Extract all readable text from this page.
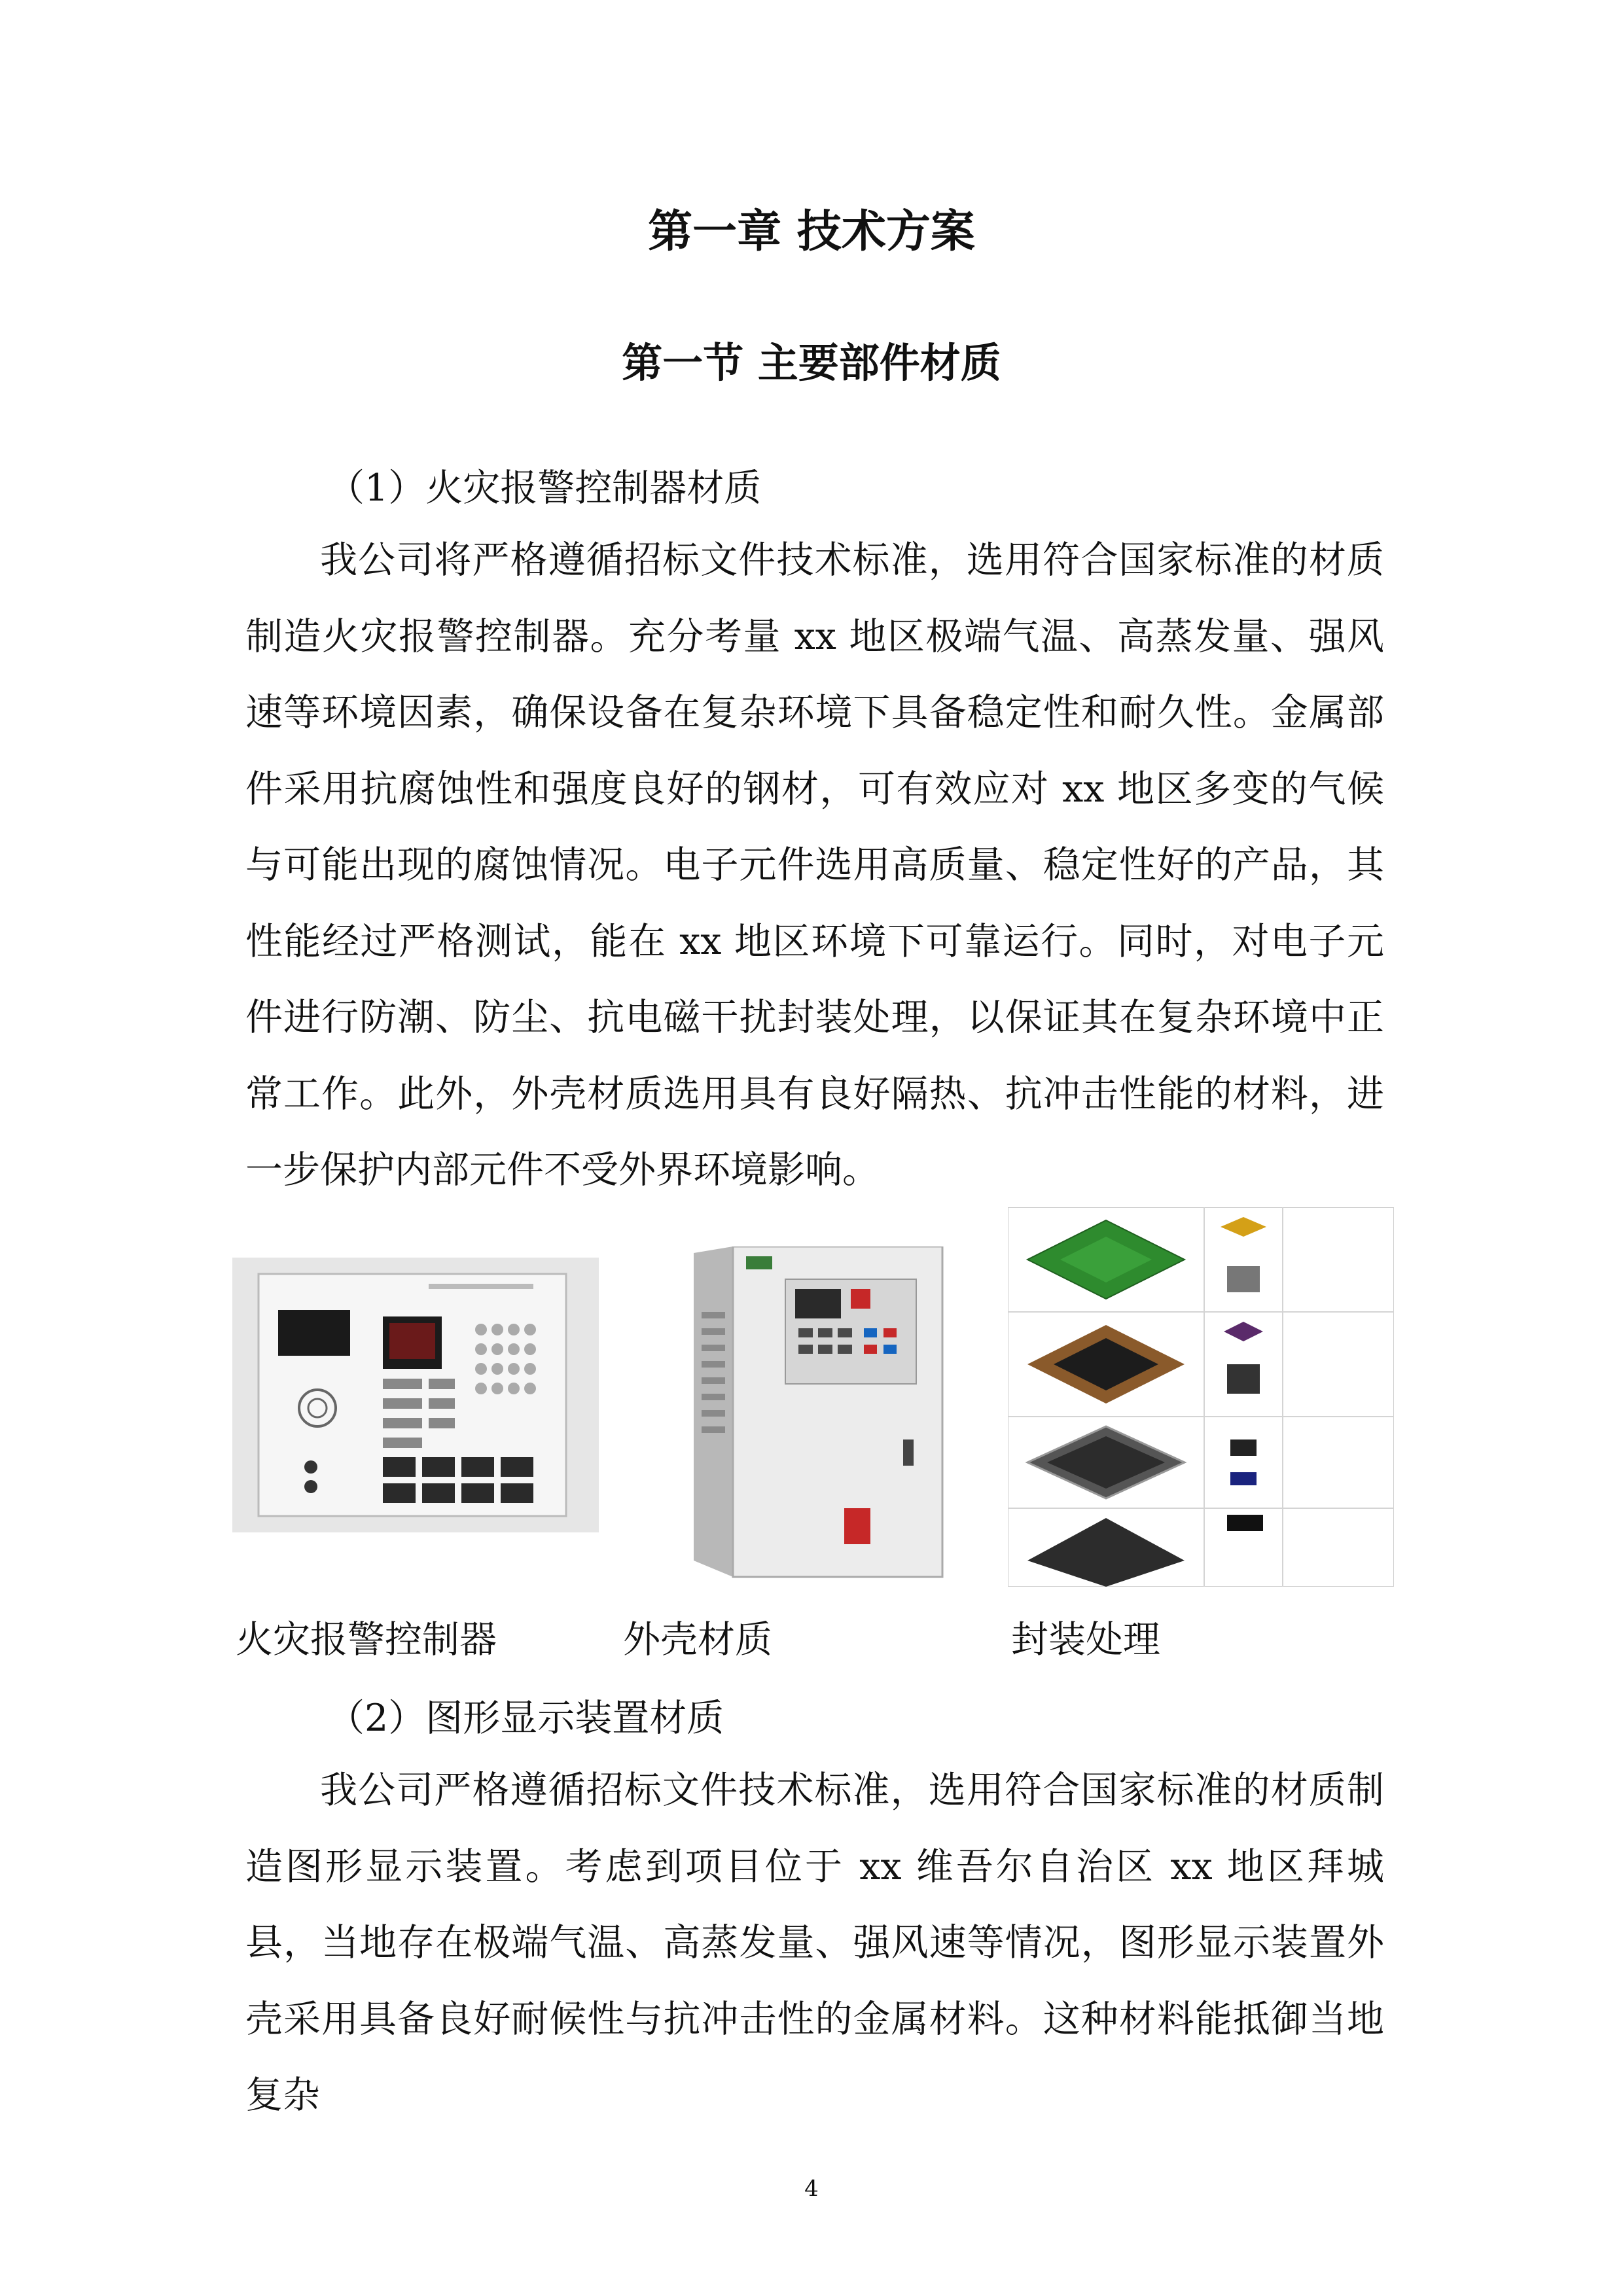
第一章 技术方案
第一节 主要部件材质
（1）火灾报警控制器材质
我公司将严格遵循招标文件技术标准，选用符合国家标准的材质制造火灾报警控制器。充分考量 xx 地区极端气温、高蒸发量、强风速等环境因素，确保设备在复杂环境下具备稳定性和耐久性。金属部件采用抗腐蚀性和强度良好的钢材，可有效应对 xx 地区多变的气候与可能出现的腐蚀情况。电子元件选用高质量、稳定性好的产品，其性能经过严格测试，能在 xx 地区环境下可靠运行。同时，对电子元件进行防潮、防尘、抗电磁干扰封装处理，以保证其在复杂环境中正常工作。此外，外壳材质选用具有良好隔热、抗冲击性能的材料，进一步保护内部元件不受外界环境影响。
火灾报警控制器	外壳材质	封装处理
（2）图形显示装置材质
我公司严格遵循招标文件技术标准，选用符合国家标准的材质制造图形显示装置。考虑到项目位于 xx 维吾尔自治区 xx 地区拜城县，当地存在极端气温、高蒸发量、强风速等情况，图形显示装置外壳采用具备良好耐候性与抗冲击性的金属材料。这种材料能抵御当地复杂
4
